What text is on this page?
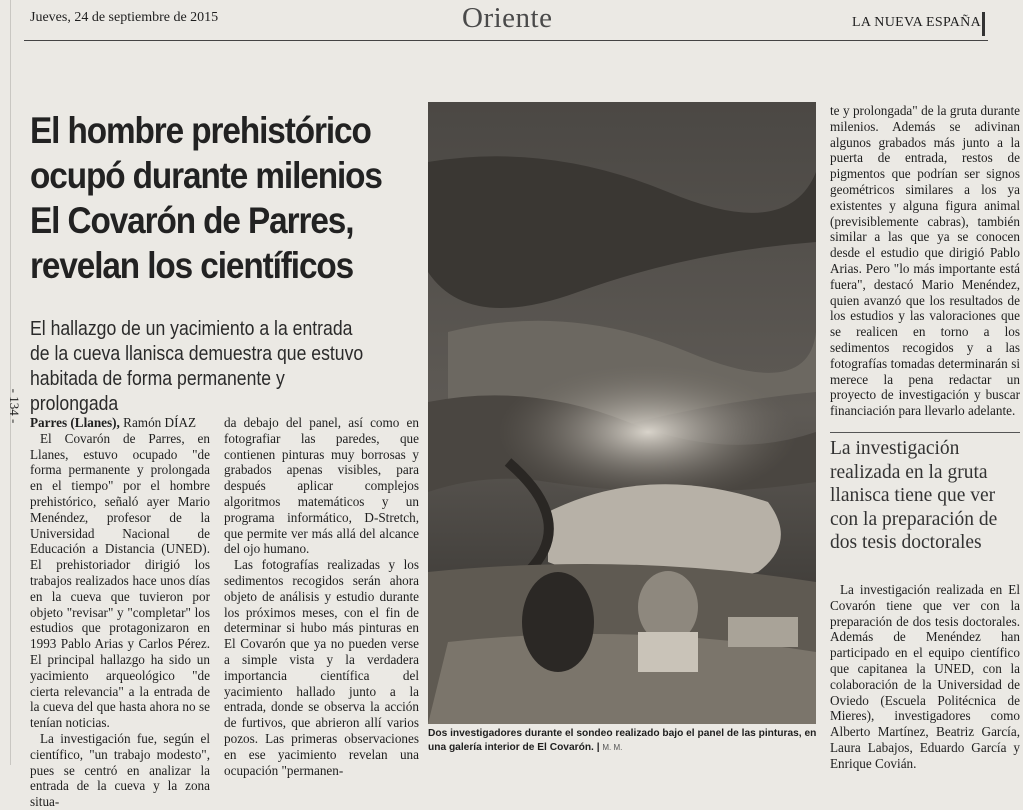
Jueves, 24 de septiembre de 2015	Oriente	LA NUEVA ESPAÑA
- 134 -
El hombre prehistórico ocupó durante milenios El Covarón de Parres, revelan los científicos

El hallazgo de un yacimiento a la entrada de la cueva llanisca demuestra que estuvo habitada de forma permanente y prolongada

Parres (Llanes), Ramón DÍAZ

El Covarón de Parres, en Llanes, estuvo ocupado "de forma permanente y prolongada en el tiempo" por el hombre prehistórico, señaló ayer Mario Menéndez, profesor de la Universidad Nacional de Educación a Distancia (UNED). El prehistoriador dirigió los trabajos realizados hace unos días en la cueva que tuvieron por objeto "revisar" y "completar" los estudios que protagonizaron en 1993 Pablo Arias y Carlos Pérez. El principal hallazgo ha sido un yacimiento arqueológico "de cierta relevancia" a la entrada de la cueva del que hasta ahora no se tenían noticias.

La investigación fue, según el científico, "un trabajo modesto", pues se centró en analizar la entrada de la cueva y la zona situa-

da debajo del panel, así como en fotografiar las paredes, que contienen pinturas muy borrosas y grabados apenas visibles, para después aplicar complejos algoritmos matemáticos y un programa informático, D-Stretch, que permite ver más allá del alcance del ojo humano.

Las fotografías realizadas y los sedimentos recogidos serán ahora objeto de análisis y estudio durante los próximos meses, con el fin de determinar si hubo más pinturas en El Covarón que ya no pueden verse a simple vista y la verdadera importancia científica del yacimiento hallado junto a la entrada, donde se observa la acción de furtivos, que abrieron allí varios pozos. Las primeras observaciones en ese yacimiento revelan una ocupación "permanen-

Dos investigadores durante el sondeo realizado bajo el panel de las pinturas, en una galería interior de El Covarón. | M. M.

te y prolongada" de la gruta durante milenios. Además se adivinan algunos grabados más junto a la puerta de entrada, restos de pigmentos que podrían ser signos geométricos similares a los ya existentes y alguna figura animal (previsiblemente cabras), también similar a las que ya se conocen desde el estudio que dirigió Pablo Arias. Pero "lo más importante está fuera", destacó Mario Menéndez, quien avanzó que los resultados de los estudios y las valoraciones que se realicen en torno a los sedimentos recogidos y a las fotografías tomadas determinarán si merece la pena redactar un proyecto de investigación y buscar financiación para llevarlo adelante.

La investigación realizada en la gruta llanisca tiene que ver con la preparación de dos tesis doctorales

La investigación realizada en El Covarón tiene que ver con la preparación de dos tesis doctorales. Además de Menéndez han participado en el equipo científico que capitanea la UNED, con la colaboración de la Universidad de Oviedo (Escuela Politécnica de Mieres), investigadores como Alberto Martínez, Beatriz García, Laura Labajos, Eduardo García y Enrique Covián.
